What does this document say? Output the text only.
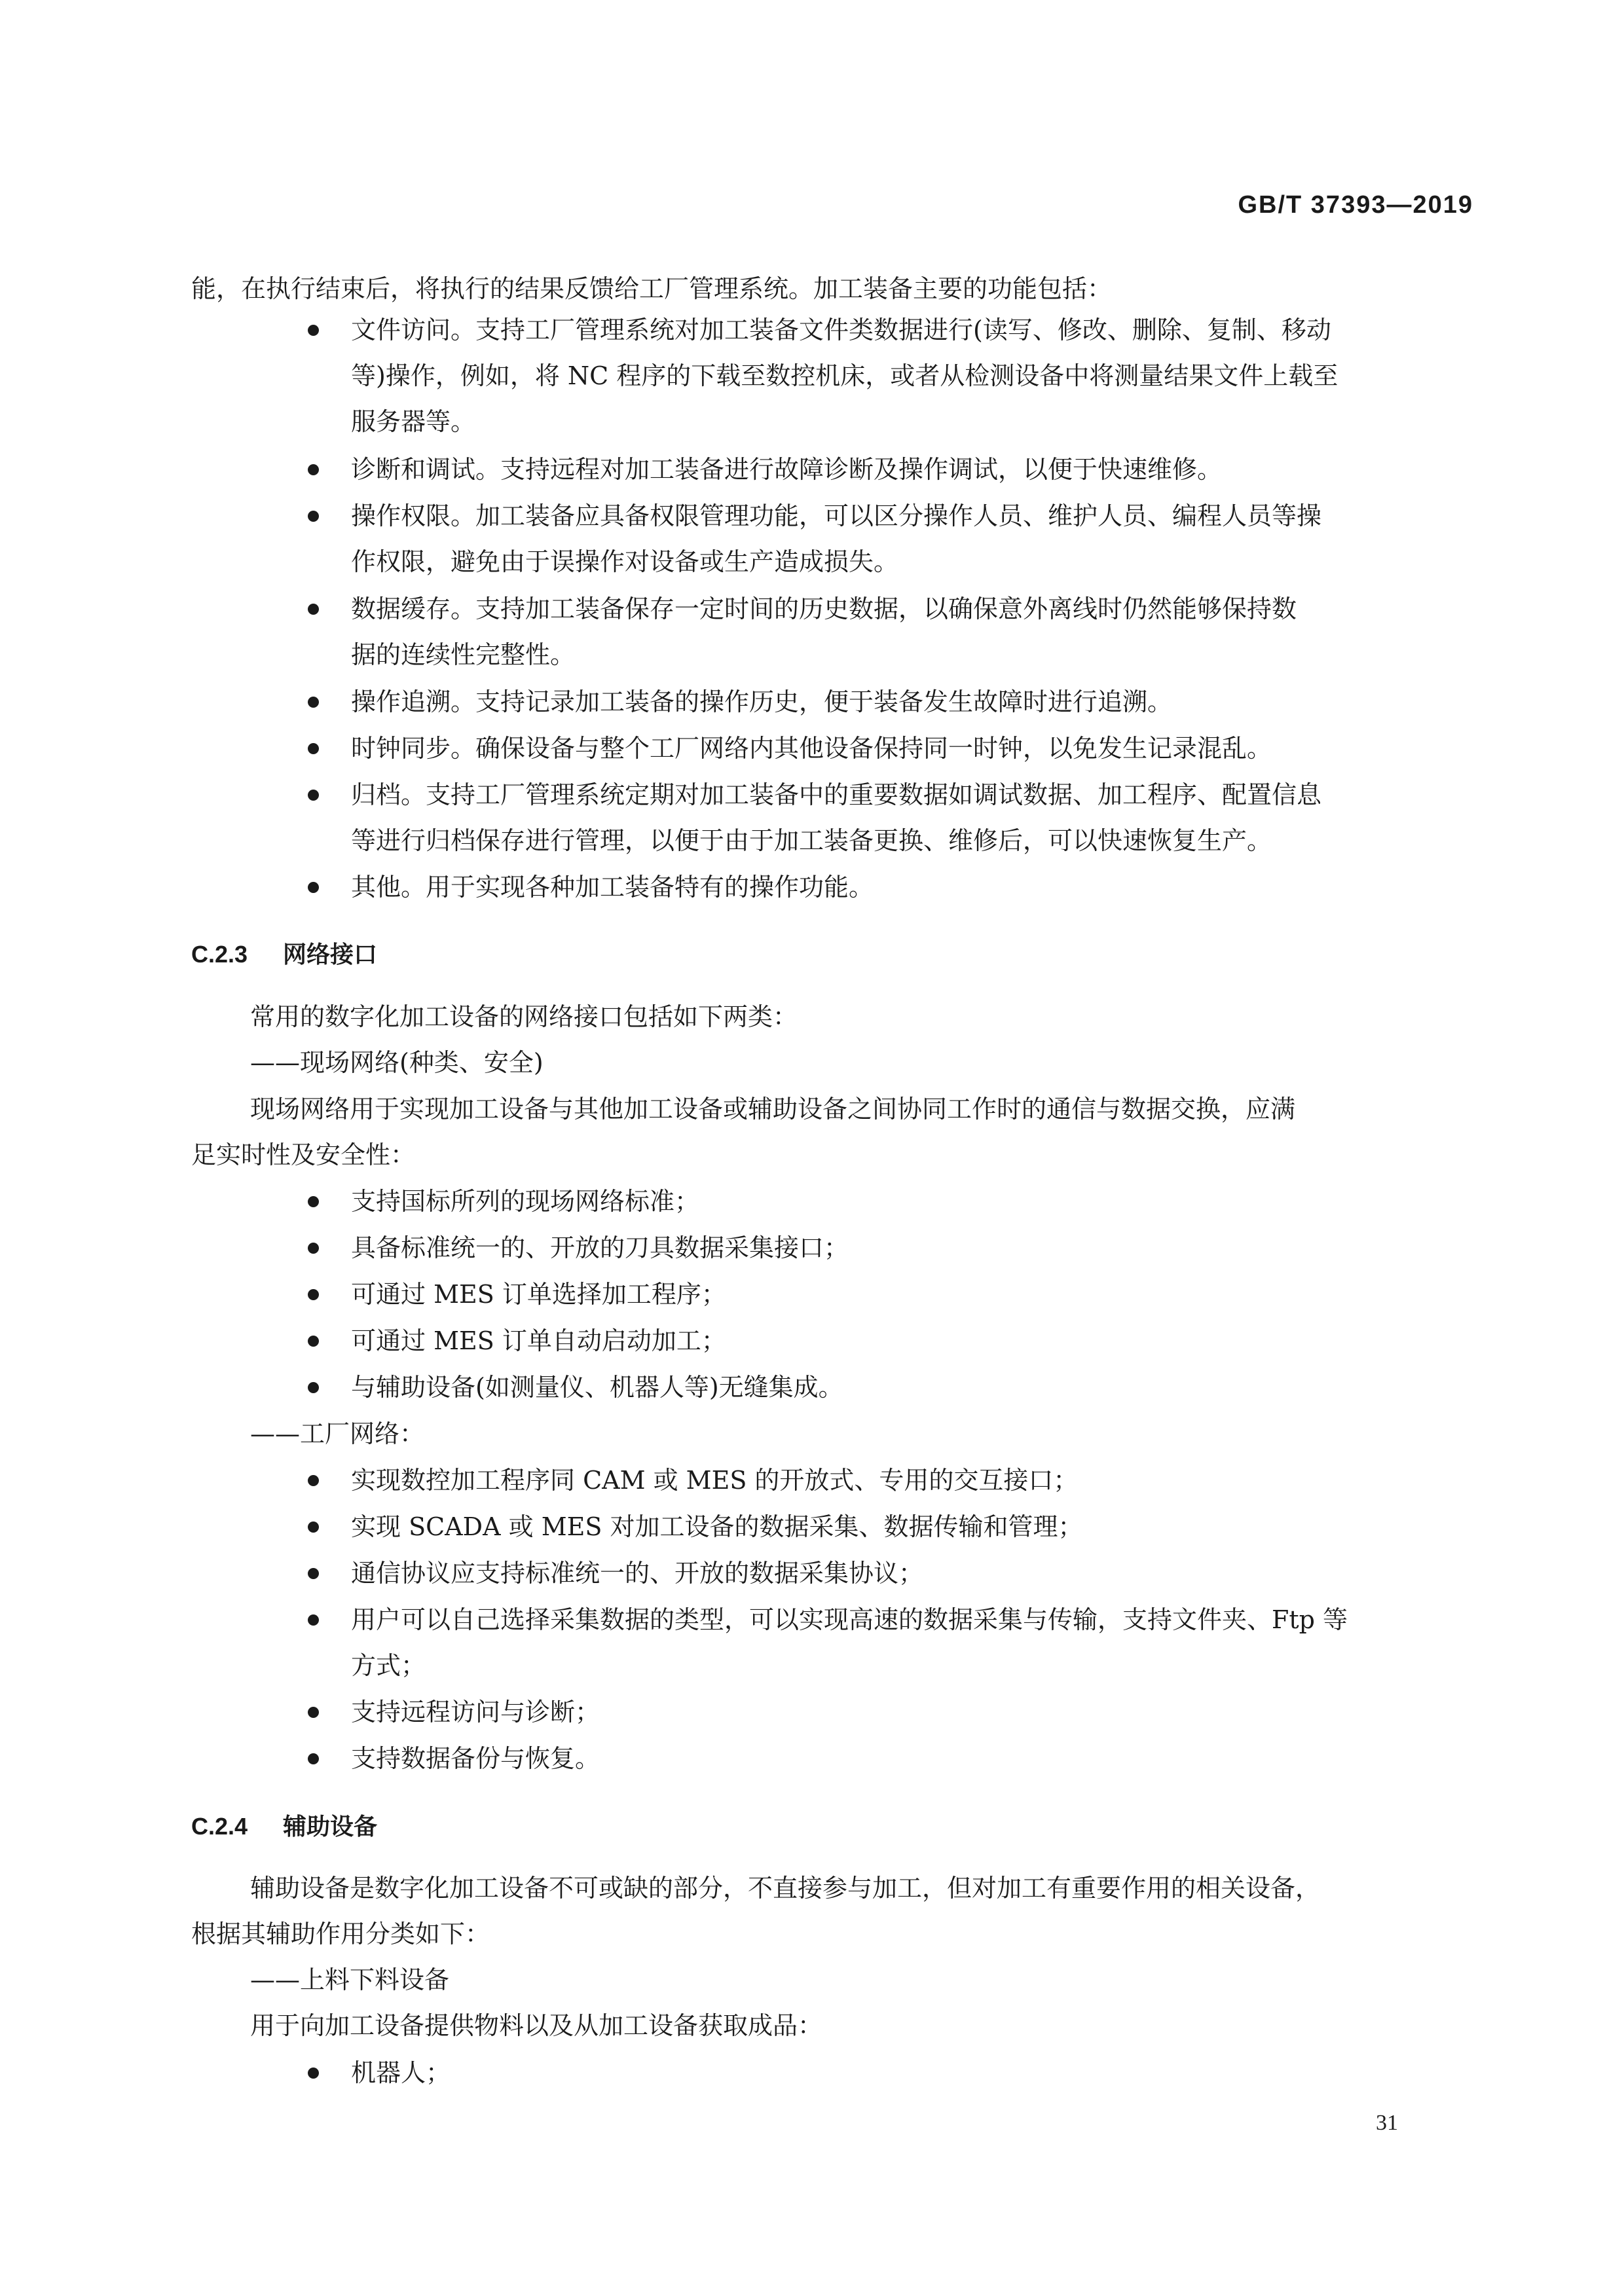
GB/T 37393—2019
能，在执行结束后，将执行的结果反馈给工厂管理系统。加工装备主要的功能包括：
文件访问。支持工厂管理系统对加工装备文件类数据进行(读写、修改、删除、复制、移动
等)操作，例如，将 NC 程序的下载至数控机床，或者从检测设备中将测量结果文件上载至
服务器等。
诊断和调试。支持远程对加工装备进行故障诊断及操作调试，以便于快速维修。
操作权限。加工装备应具备权限管理功能，可以区分操作人员、维护人员、编程人员等操
作权限，避免由于误操作对设备或生产造成损失。
数据缓存。支持加工装备保存一定时间的历史数据，以确保意外离线时仍然能够保持数
据的连续性完整性。
操作追溯。支持记录加工装备的操作历史，便于装备发生故障时进行追溯。
时钟同步。确保设备与整个工厂网络内其他设备保持同一时钟，以免发生记录混乱。
归档。支持工厂管理系统定期对加工装备中的重要数据如调试数据、加工程序、配置信息
等进行归档保存进行管理，以便于由于加工装备更换、维修后，可以快速恢复生产。
其他。用于实现各种加工装备特有的操作功能。
C.2.3 网络接口
常用的数字化加工设备的网络接口包括如下两类：
——现场网络(种类、安全)
现场网络用于实现加工设备与其他加工设备或辅助设备之间协同工作时的通信与数据交换，应满
足实时性及安全性：
支持国标所列的现场网络标准；
具备标准统一的、开放的刀具数据采集接口；
可通过 MES 订单选择加工程序；
可通过 MES 订单自动启动加工；
与辅助设备(如测量仪、机器人等)无缝集成。
——工厂网络：
实现数控加工程序同 CAM 或 MES 的开放式、专用的交互接口；
实现 SCADA 或 MES 对加工设备的数据采集、数据传输和管理；
通信协议应支持标准统一的、开放的数据采集协议；
用户可以自己选择采集数据的类型，可以实现高速的数据采集与传输，支持文件夹、Ftp 等
方式；
支持远程访问与诊断；
支持数据备份与恢复。
C.2.4 辅助设备
辅助设备是数字化加工设备不可或缺的部分，不直接参与加工，但对加工有重要作用的相关设备，
根据其辅助作用分类如下：
——上料下料设备
用于向加工设备提供物料以及从加工设备获取成品：
机器人；
31
